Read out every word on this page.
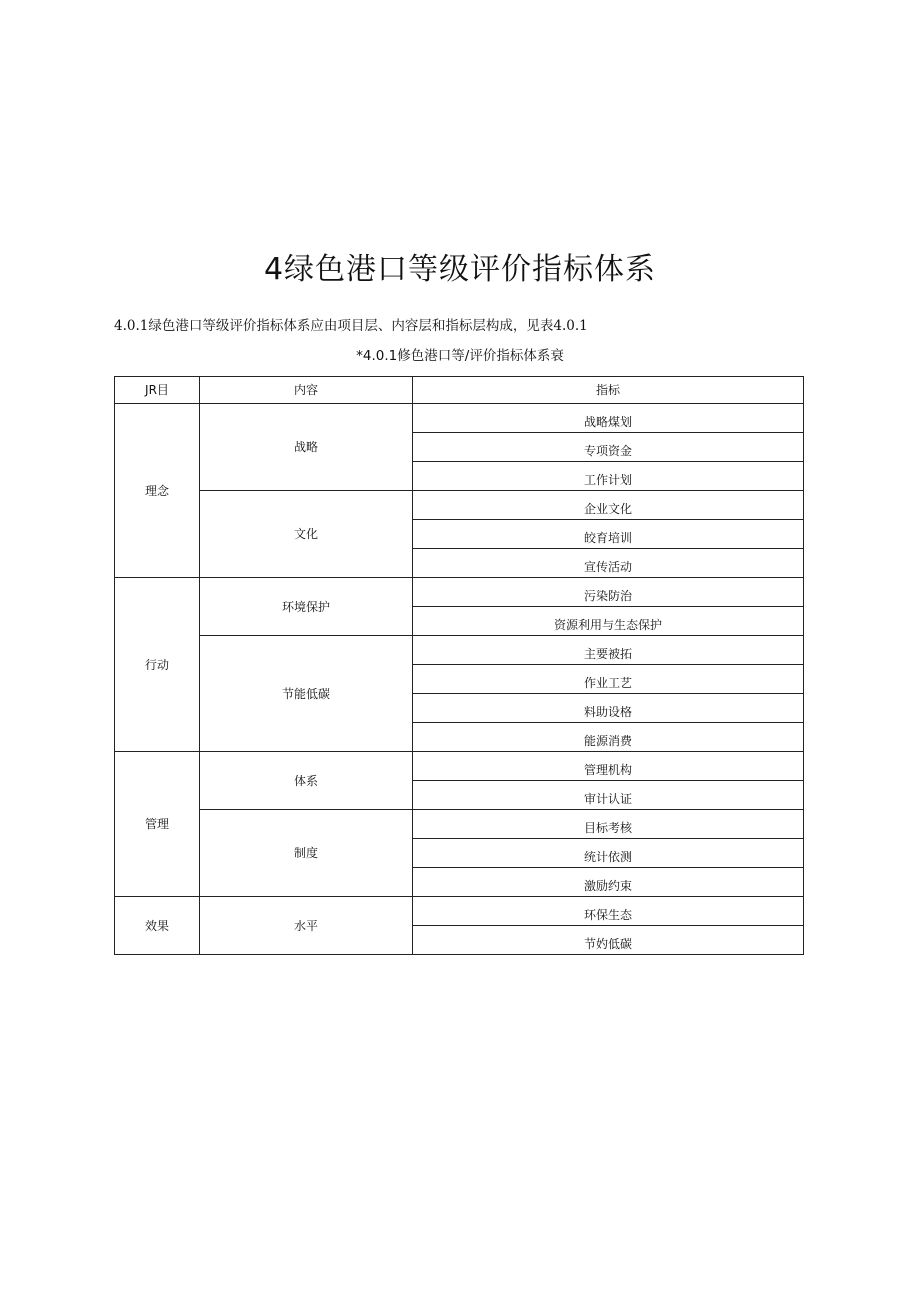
4绿色港口等级评价指标体系
4.0.1绿色港口等级评价指标体系应由项目层、内容层和指标层构成，见表4.0.1
*4.0.1修色港口等/评价指标体系衰
JR目	内容	指标
理念	战略	战略煤划
		专项资金
		工作计划
	文化	企业文化
		皎育培训
		宣传活动
行动	环境保护	污染防治
		资源利用与生态保护
	节能低碳	主要被拓
		作业工艺
		料助设格
		能源消费
管理	体系	管理机构
		审计认证
	制度	目标考核
		统计依测
		激励约束
效果	水平	环保生态
		节妁低碳
